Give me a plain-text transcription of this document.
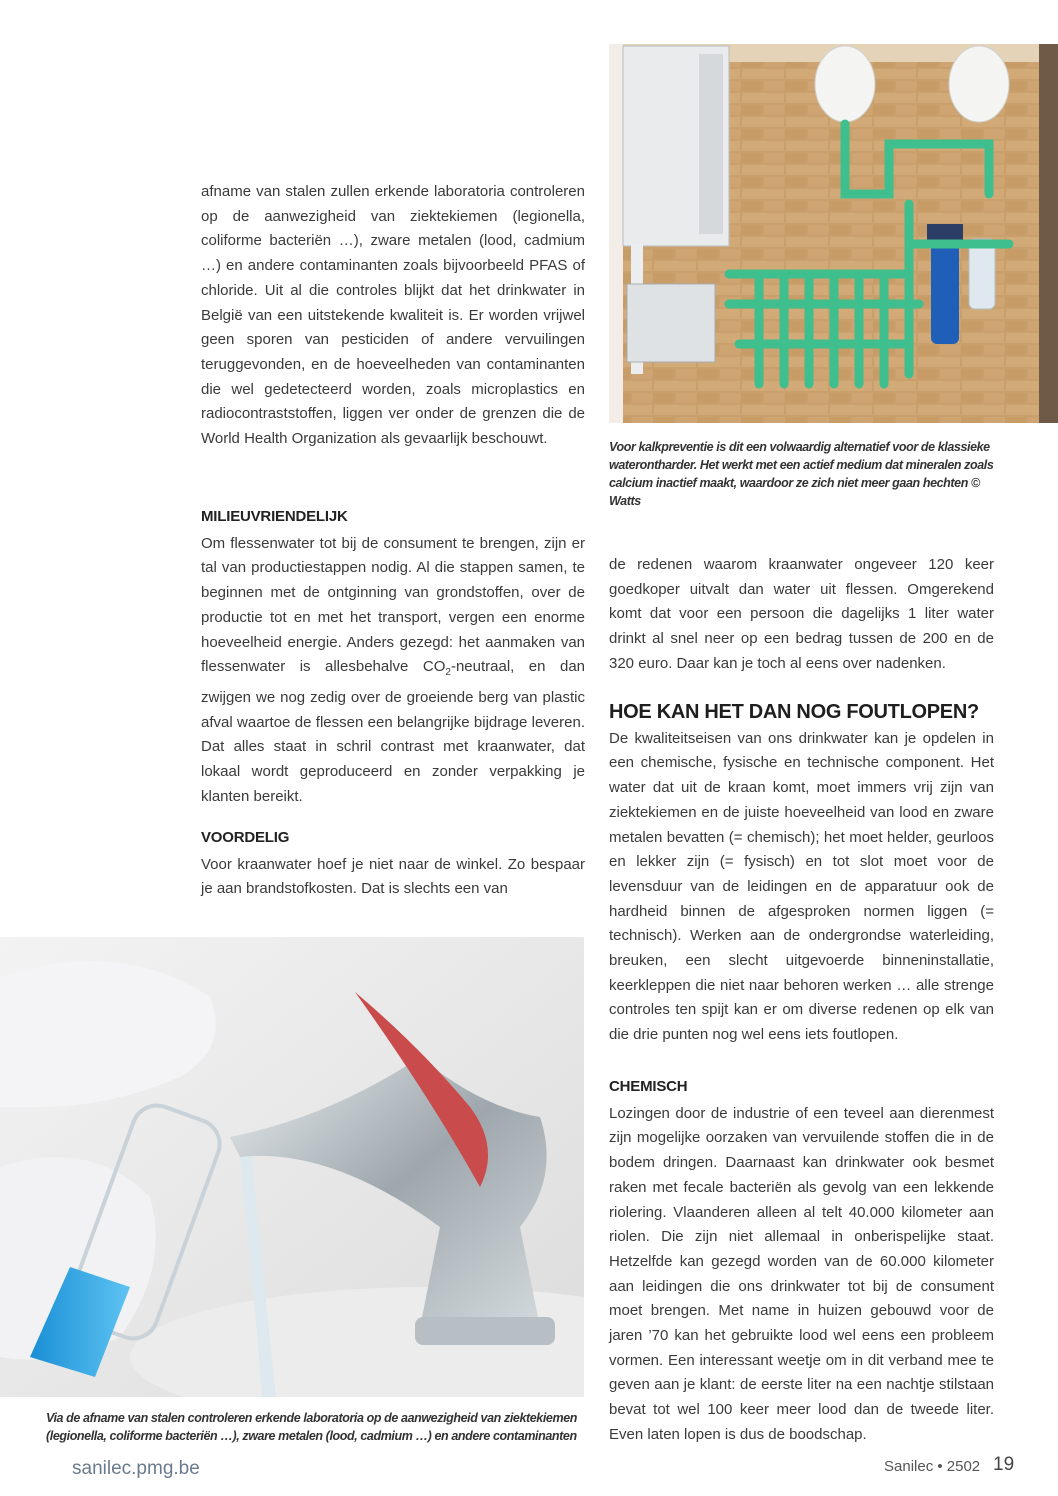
Voor kalkpreventie is dit een volwaardig alternatief voor de klassieke waterontharder. Het werkt met een actief medium dat mineralen zoals calcium inactief maakt, waardoor ze zich niet meer gaan hechten © Watts

afname van stalen zullen erkende laboratoria controleren op de aanwezigheid van ziektekiemen (legionella, coliforme bacteriën …), zware metalen (lood, cadmium …) en andere contaminanten zoals bijvoorbeeld PFAS of chloride. Uit al die controles blijkt dat het drinkwater in België van een uitstekende kwaliteit is. Er worden vrijwel geen sporen van pesticiden of andere vervuilingen teruggevonden, en de hoeveelheden van contaminanten die wel gedetecteerd worden, zoals microplastics en radiocontraststoffen, liggen ver onder de grenzen die de World Health Organization als gevaarlijk beschouwt.

MILIEUVRIENDELIJK

Om flessenwater tot bij de consument te brengen, zijn er tal van productiestappen nodig. Al die stappen samen, te beginnen met de ontginning van grondstoffen, over de productie tot en met het transport, vergen een enorme hoeveelheid energie. Anders gezegd: het aanmaken van flessenwater is allesbehalve $CO_2$-neutraal, en dan zwijgen we nog zedig over de groeiende berg van plastic afval waartoe de flessen een belangrijke bijdrage leveren. Dat alles staat in schril contrast met kraanwater, dat lokaal wordt geproduceerd en zonder verpakking je klanten bereikt.

VOORDELIG

Voor kraanwater hoef je niet naar de winkel. Zo bespaar je aan brandstofkosten. Dat is slechts een van

Via de afname van stalen controleren erkende laboratoria op de aanwezigheid van ziektekiemen (legionella, coliforme bacteriën …), zware metalen (lood, cadmium …) en andere contaminanten

de redenen waarom kraanwater ongeveer 120 keer goedkoper uitvalt dan water uit flessen. Omgerekend komt dat voor een persoon die dagelijks 1 liter water drinkt al snel neer op een bedrag tussen de 200 en de 320 euro. Daar kan je toch al eens over nadenken.

HOE KAN HET DAN NOG FOUTLOPEN?

De kwaliteitseisen van ons drinkwater kan je opdelen in een chemische, fysische en technische component. Het water dat uit de kraan komt, moet immers vrij zijn van ziektekiemen en de juiste hoeveelheid van lood en zware metalen bevatten (= chemisch); het moet helder, geurloos en lekker zijn (= fysisch) en tot slot moet voor de levensduur van de leidingen en de apparatuur ook de hardheid binnen de afgesproken normen liggen (= technisch). Werken aan de ondergrondse waterleiding, breuken, een slecht uitgevoerde binneninstallatie, keerkleppen die niet naar behoren werken … alle strenge controles ten spijt kan er om diverse redenen op elk van die drie punten nog wel eens iets foutlopen.

CHEMISCH

Lozingen door de industrie of een teveel aan dierenmest zijn mogelijke oorzaken van vervuilende stoffen die in de bodem dringen. Daarnaast kan drinkwater ook besmet raken met fecale bacteriën als gevolg van een lekkende riolering. Vlaanderen alleen al telt 40.000 kilometer aan riolen. Die zijn niet allemaal in onberispelijke staat. Hetzelfde kan gezegd worden van de 60.000 kilometer aan leidingen die ons drinkwater tot bij de consument moet brengen. Met name in huizen gebouwd voor de jaren ’70 kan het gebruikte lood wel eens een probleem vormen. Een interessant weetje om in dit verband mee te geven aan je klant: de eerste liter na een nachtje stilstaan bevat tot wel 100 keer meer lood dan de tweede liter. Even laten lopen is dus de boodschap.

sanilec.pmg.be	Sanilec • 2502 19
